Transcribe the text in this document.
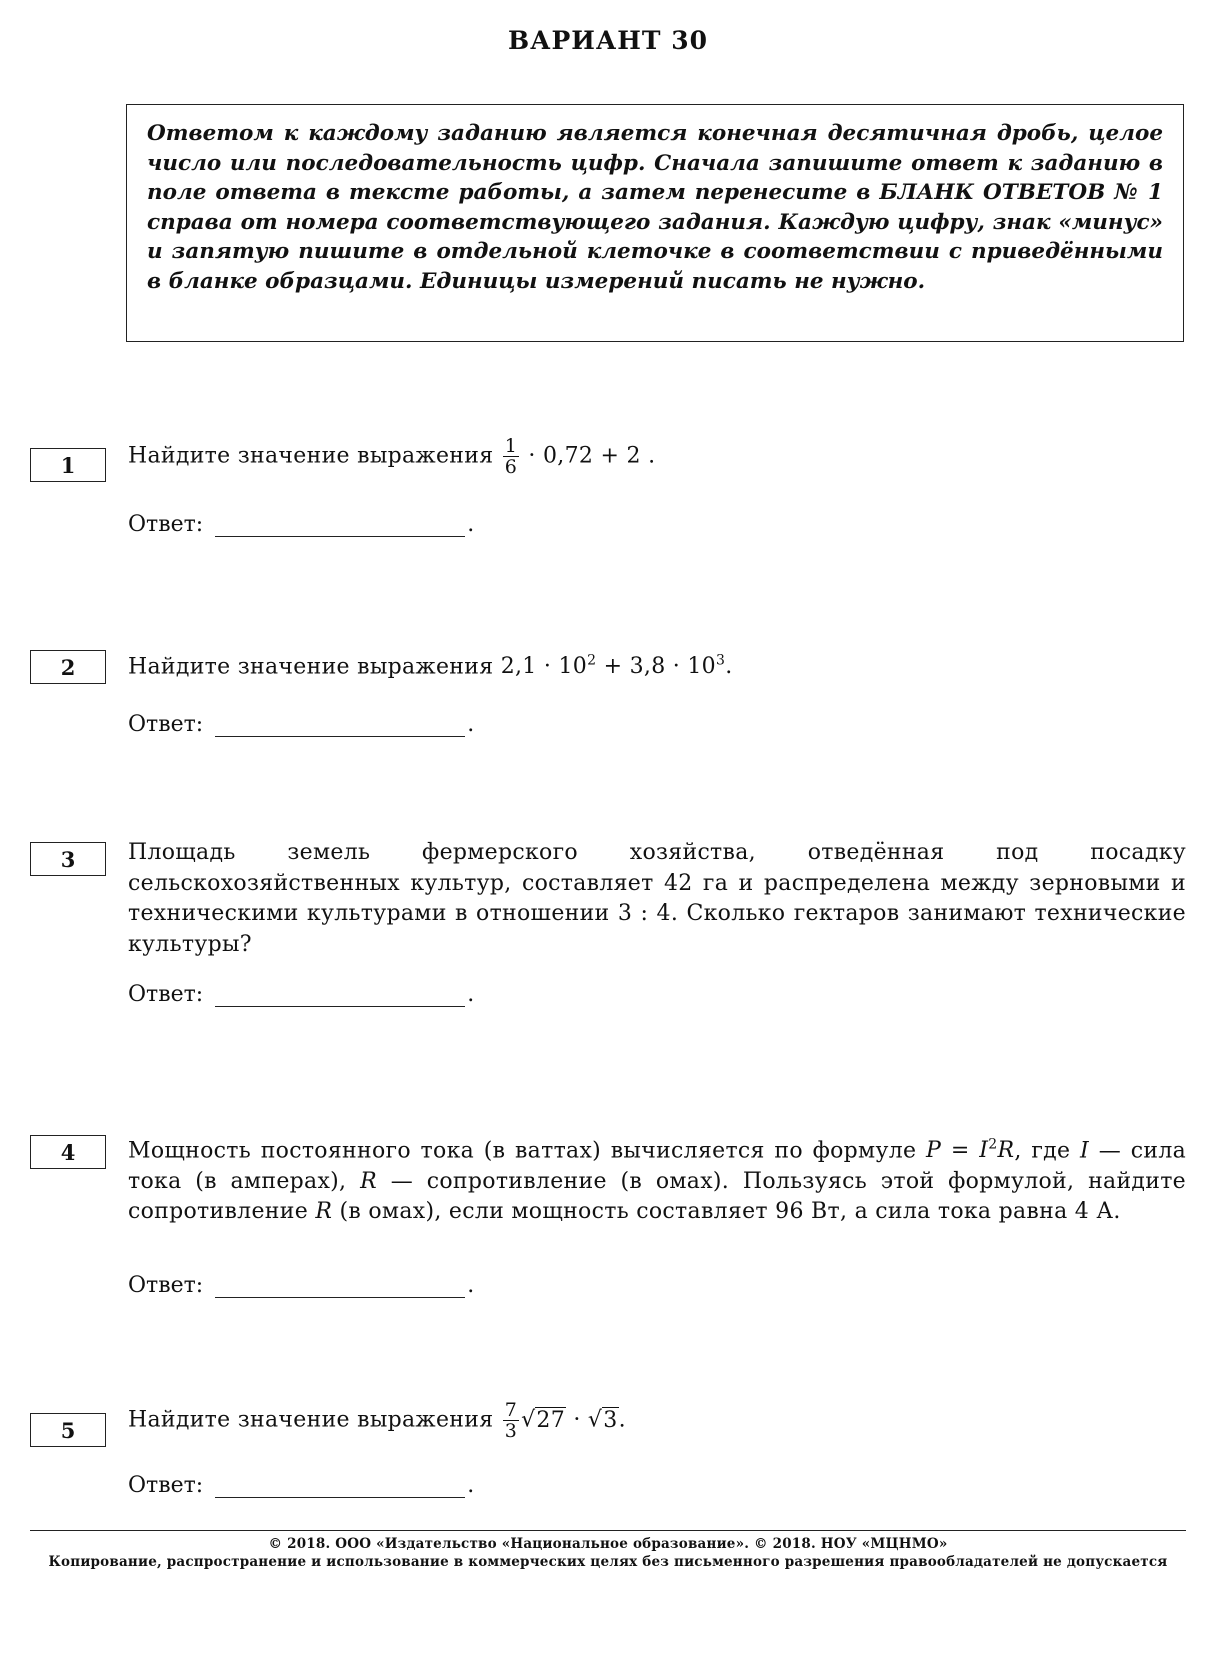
ВАРИАНТ 30
Ответом к каждому заданию является конечная десятичная дробь, целое число или последовательность цифр. Сначала запишите ответ к заданию в поле ответа в тексте работы, а затем перенесите в БЛАНК ОТВЕТОВ № 1 справа от номера соответствующего задания. Каждую цифру, знак «минус» и запятую пишите в отдельной клеточке в соответствии с приведёнными в бланке образцами. Единицы измерений писать не нужно.
1	Найдите значение выражения $\frac{1}{6} \cdot 0,72 + 2$ .
Ответ:	.
2	Найдите значение выражения $2,1 \cdot 10^2 + 3,8 \cdot 10^3$.
Ответ:	.
3	Площадь земель фермерского хозяйства, отведённая под посадку сельскохозяйственных культур, составляет 42 га и распределена между зерновыми и техническими культурами в отношении 3 : 4. Сколько гектаров занимают технические культуры?
Ответ:	.
4	Мощность постоянного тока (в ваттах) вычисляется по формуле $P = I^2R$, где I — сила тока (в амперах), R — сопротивление (в омах). Пользуясь этой формулой, найдите сопротивление R (в омах), если мощность составляет 96 Вт, а сила тока равна 4 А.
Ответ:	.
5	Найдите значение выражения $\frac{7}{3} √27 \cdot √3$.
Ответ:	.
© 2018. ООО «Издательство «Национальное образование». © 2018. НОУ «МЦНМО»
Копирование, распространение и использование в коммерческих целях без письменного разрешения правообладателей не допускается
